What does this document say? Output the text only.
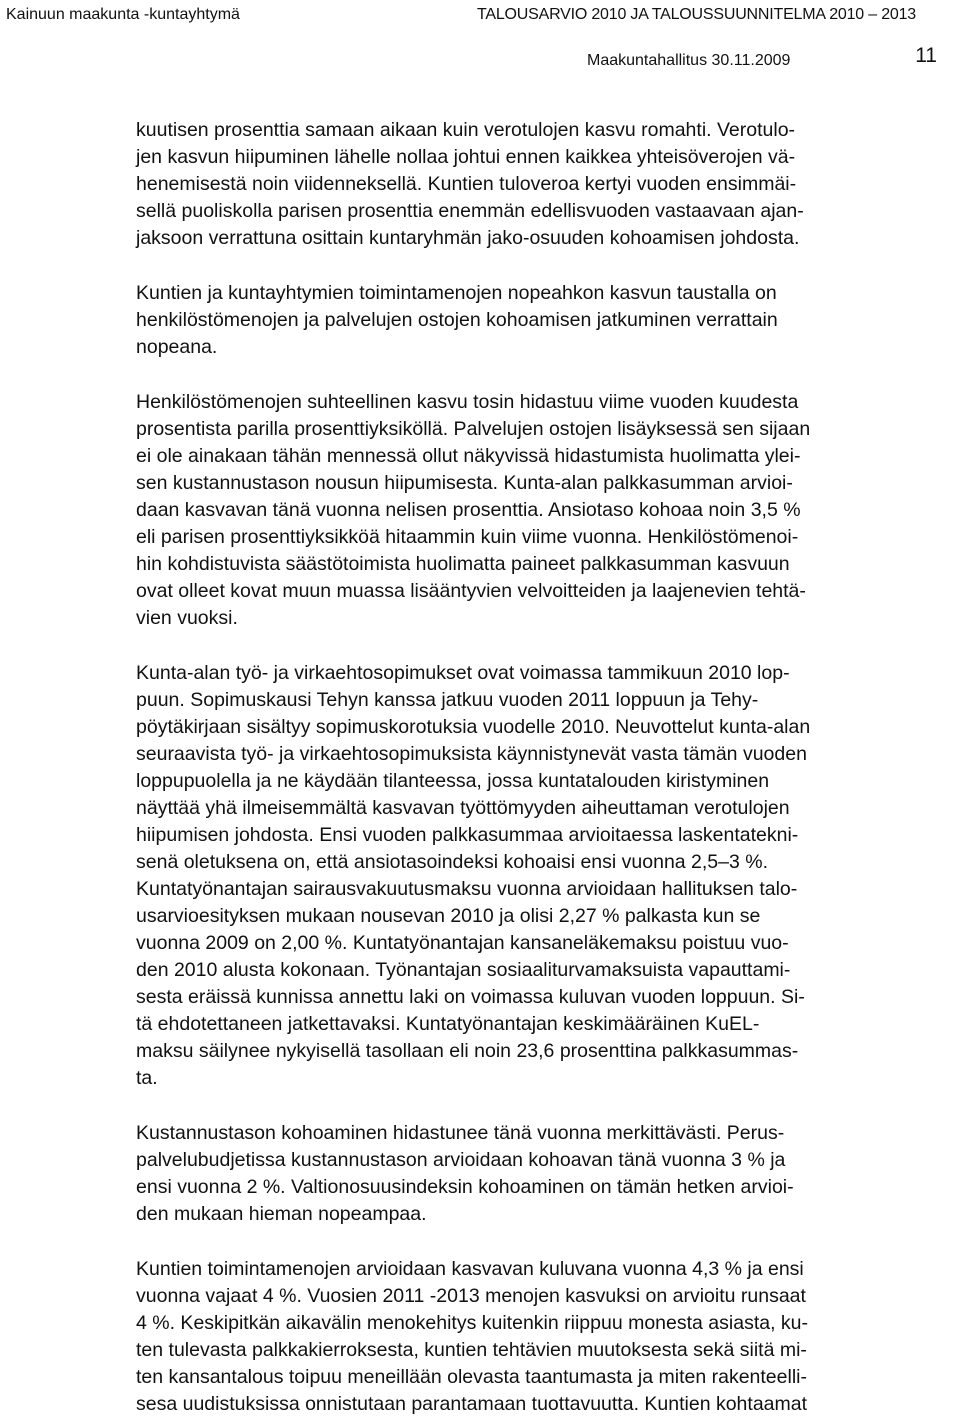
Kainuun maakunta -kuntayhtymä	TALOUSARVIO 2010 JA TALOUSSUUNNITELMA 2010 – 2013
Maakuntahallitus 30.11.2009	11
kuutisen prosenttia samaan aikaan kuin verotulojen kasvu romahti. Verotulo-
jen kasvun hiipuminen lähelle nollaa johtui ennen kaikkea yhteisöverojen vä-
henemisestä noin viidenneksellä. Kuntien tuloveroa kertyi vuoden ensimmäi-
sellä puoliskolla parisen prosenttia enemmän edellisvuoden vastaavaan ajan-
jaksoon verrattuna osittain kuntaryhmän jako-osuuden kohoamisen johdosta.
Kuntien ja kuntayhtymien toimintamenojen nopeahkon kasvun taustalla on
henkilöstömenojen ja palvelujen ostojen kohoamisen jatkuminen verrattain
nopeana.
Henkilöstömenojen suhteellinen kasvu tosin hidastuu viime vuoden kuudesta
prosentista parilla prosenttiyksiköllä. Palvelujen ostojen lisäyksessä sen sijaan
ei ole ainakaan tähän mennessä ollut näkyvissä hidastumista huolimatta ylei-
sen kustannustason nousun hiipumisesta. Kunta-alan palkkasumman arvioi-
daan kasvavan tänä vuonna nelisen prosenttia. Ansiotaso kohoaa noin 3,5 %
eli parisen prosenttiyksikköä hitaammin kuin viime vuonna. Henkilöstömenoi-
hin kohdistuvista säästötoimista huolimatta paineet palkkasumman kasvuun
ovat olleet kovat muun muassa lisääntyvien velvoitteiden ja laajenevien tehtä-
vien vuoksi.
Kunta-alan työ- ja virkaehtosopimukset ovat voimassa tammikuun 2010 lop-
puun. Sopimuskausi Tehyn kanssa jatkuu vuoden 2011 loppuun ja Tehy-
pöytäkirjaan sisältyy sopimuskorotuksia vuodelle 2010. Neuvottelut kunta-alan
seuraavista työ- ja virkaehtosopimuksista käynnistynevät vasta tämän vuoden
loppupuolella ja ne käydään tilanteessa, jossa kuntatalouden kiristyminen
näyttää yhä ilmeisemmältä kasvavan työttömyyden aiheuttaman verotulojen
hiipumisen johdosta. Ensi vuoden palkkasummaa arvioitaessa laskentatekni-
senä oletuksena on, että ansiotasoindeksi kohoaisi ensi vuonna 2,5–3 %.
Kuntatyönantajan sairausvakuutusmaksu vuonna arvioidaan hallituksen talo-
usarvioesityksen mukaan nousevan 2010 ja olisi 2,27 % palkasta kun se
vuonna 2009 on 2,00 %. Kuntatyönantajan kansaneläkemaksu poistuu vuo-
den 2010 alusta kokonaan. Työnantajan sosiaaliturvamaksuista vapauttami-
sesta eräissä kunnissa annettu laki on voimassa kuluvan vuoden loppuun. Si-
tä ehdotettaneen jatkettavaksi. Kuntatyönantajan keskimääräinen KuEL-
maksu säilynee nykyisellä tasollaan eli noin 23,6 prosenttina palkkasummas-
ta.
Kustannustason kohoaminen hidastunee tänä vuonna merkittävästi. Perus-
palvelubudjetissa kustannustason arvioidaan kohoavan tänä vuonna 3 % ja
ensi vuonna 2 %. Valtionosuusindeksin kohoaminen on tämän hetken arvioi-
den mukaan hieman nopeampaa.
Kuntien toimintamenojen arvioidaan kasvavan kuluvana vuonna 4,3 % ja ensi
vuonna vajaat 4 %. Vuosien 2011 -2013 menojen kasvuksi on arvioitu runsaat
4 %. Keskipitkän aikavälin menokehitys kuitenkin riippuu monesta asiasta, ku-
ten tulevasta palkkakierroksesta, kuntien tehtävien muutoksesta sekä siitä mi-
ten kansantalous toipuu meneillään olevasta taantumasta ja miten rakenteelli-
sesa uudistuksissa onnistutaan parantamaan tuottavuutta. Kuntien kohtaamat
